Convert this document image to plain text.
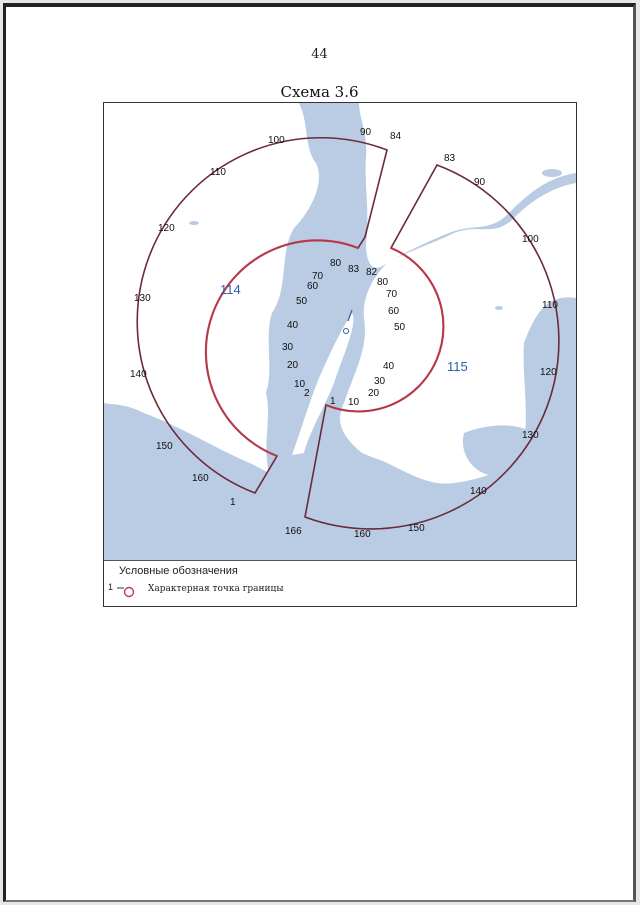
44
Схема 3.6
114
115
100
90 84
110
120
130
140
150
160
1
83
90
100
110
120
130
140
150
160
166
80
83
70
60
50
40
30
20
10
2
82
80
70
60
50
40
30
20
10
1
Условные обозначения
1	Характерная точка границы
